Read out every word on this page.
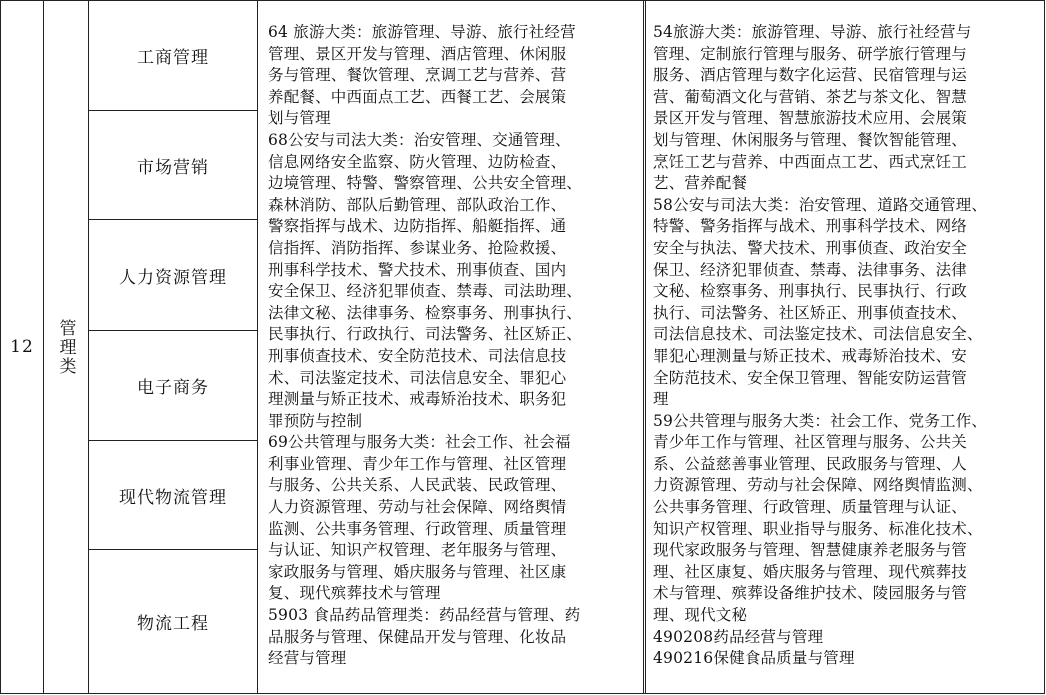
12 管理类
工商管理
市场营销
人力资源管理
电子商务
现代物流管理
物流工程
64 旅游大类：旅游管理、导游、旅行社经营
管理、景区开发与管理、酒店管理、休闲服
务与管理、餐饮管理、烹调工艺与营养、营
养配餐、中西面点工艺、西餐工艺、会展策
划与管理
68公安与司法大类：治安管理、交通管理、
信息网络安全监察、防火管理、边防检查、
边境管理、特警、警察管理、公共安全管理、
森林消防、部队后勤管理、部队政治工作、
警察指挥与战术、边防指挥、船艇指挥、通
信指挥、消防指挥、参谋业务、抢险救援、
刑事科学技术、警犬技术、刑事侦查、国内
安全保卫、经济犯罪侦查、禁毒、司法助理、
法律文秘、法律事务、检察事务、刑事执行、
民事执行、行政执行、司法警务、社区矫正、
刑事侦查技术、安全防范技术、司法信息技
术、司法鉴定技术、司法信息安全、罪犯心
理测量与矫正技术、戒毒矫治技术、职务犯
罪预防与控制
69公共管理与服务大类：社会工作、社会福
利事业管理、青少年工作与管理、社区管理
与服务、公共关系、人民武装、民政管理、
人力资源管理、劳动与社会保障、网络舆情
监测、公共事务管理、行政管理、质量管理
与认证、知识产权管理、老年服务与管理、
家政服务与管理、婚庆服务与管理、社区康
复、现代殡葬技术与管理
5903 食品药品管理类：药品经营与管理、药
品服务与管理、保健品开发与管理、化妆品
经营与管理
54旅游大类：旅游管理、导游、旅行社经营与
管理、定制旅行管理与服务、研学旅行管理与
服务、酒店管理与数字化运营、民宿管理与运
营、葡萄酒文化与营销、茶艺与茶文化、智慧
景区开发与管理、智慧旅游技术应用、会展策
划与管理、休闲服务与管理、餐饮智能管理、
烹饪工艺与营养、中西面点工艺、西式烹饪工
艺、营养配餐
58公安与司法大类：治安管理、道路交通管理、
特警、警务指挥与战术、刑事科学技术、网络
安全与执法、警犬技术、刑事侦查、政治安全
保卫、经济犯罪侦查、禁毒、法律事务、法律
文秘、检察事务、刑事执行、民事执行、行政
执行、司法警务、社区矫正、刑事侦查技术、
司法信息技术、司法鉴定技术、司法信息安全、
罪犯心理测量与矫正技术、戒毒矫治技术、安
全防范技术、安全保卫管理、智能安防运营管
理
59公共管理与服务大类：社会工作、党务工作、
青少年工作与管理、社区管理与服务、公共关
系、公益慈善事业管理、民政服务与管理、人
力资源管理、劳动与社会保障、网络舆情监测、
公共事务管理、行政管理、质量管理与认证、
知识产权管理、职业指导与服务、标准化技术、
现代家政服务与管理、智慧健康养老服务与管
理、社区康复、婚庆服务与管理、现代殡葬技
术与管理、殡葬设备维护技术、陵园服务与管
理、现代文秘
490208药品经营与管理
490216保健食品质量与管理
